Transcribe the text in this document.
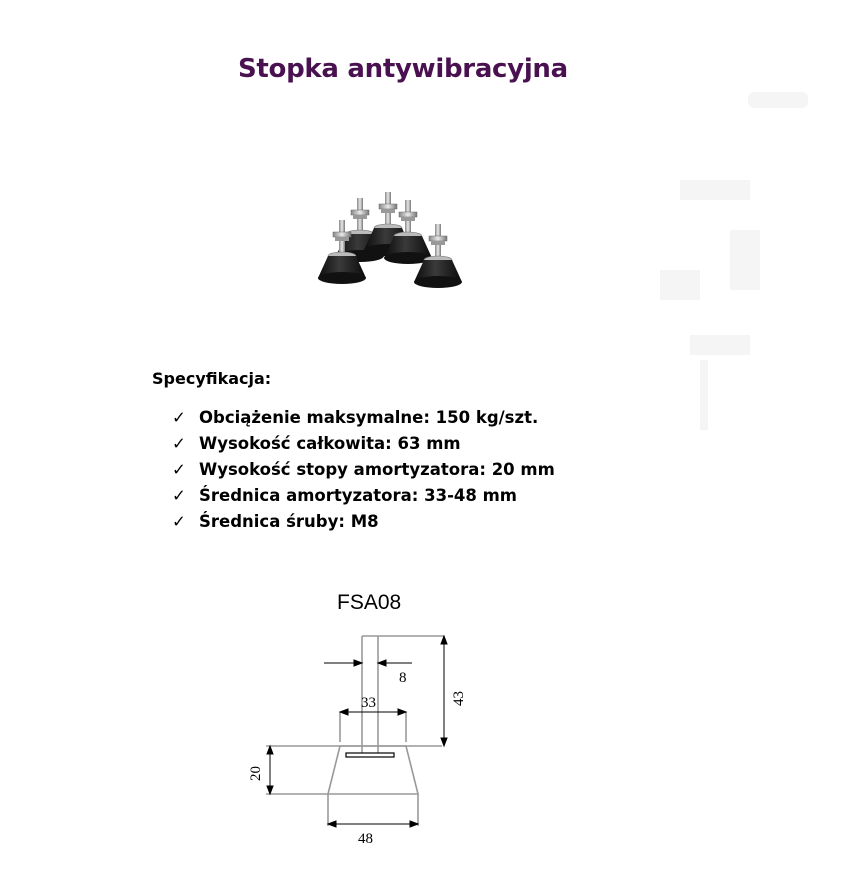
Stopka antywibracyjna
Specyfikacja:
✓ Obciążenie maksymalne: 150 kg/szt.
✓ Wysokość całkowita: 63 mm
✓ Wysokość stopy amortyzatora: 20 mm
✓ Średnica amortyzatora: 33-48 mm
✓ Średnica śruby: M8
FSA08
8
33	43
20
48
